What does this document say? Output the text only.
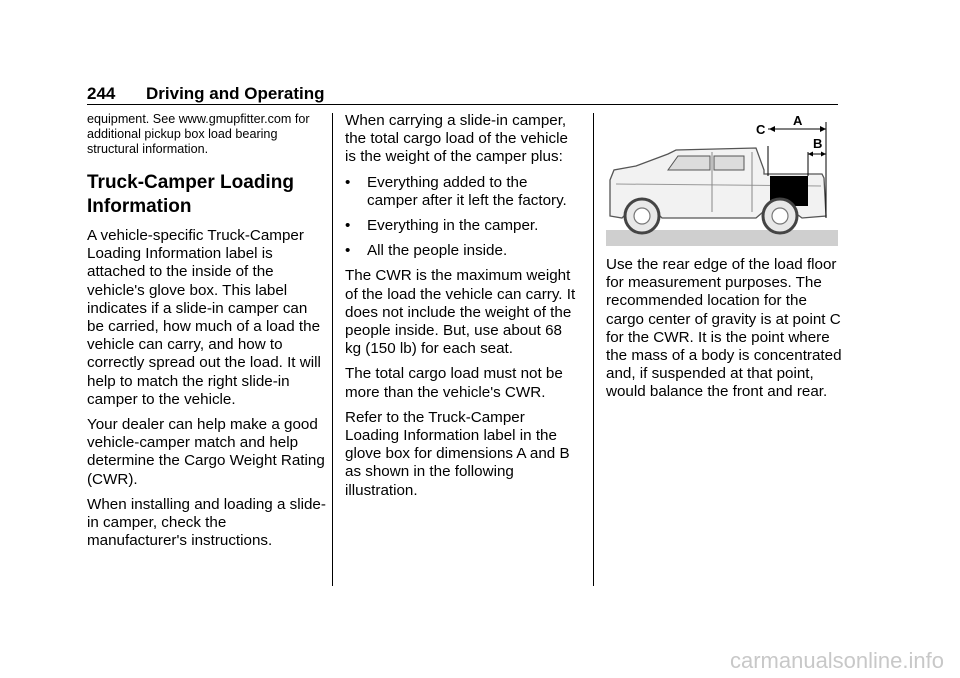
244 Driving and Operating

equipment. See www.gmupfitter.com for additional pickup box load bearing structural information.

Truck-Camper Loading Information

A vehicle-specific Truck-Camper Loading Information label is attached to the inside of the vehicle's glove box. This label indicates if a slide-in camper can be carried, how much of a load the vehicle can carry, and how to correctly spread out the load. It will help to match the right slide-in camper to the vehicle.

Your dealer can help make a good vehicle-camper match and help determine the Cargo Weight Rating (CWR).

When installing and loading a slide-in camper, check the manufacturer's instructions.

When carrying a slide-in camper, the total cargo load of the vehicle is the weight of the camper plus:

•	Everything added to the camper after it left the factory.
•	Everything in the camper.
•	All the people inside.

The CWR is the maximum weight of the load the vehicle can carry. It does not include the weight of the people inside. But, use about 68 kg (150 lb) for each seat.

The total cargo load must not be more than the vehicle's CWR.

Refer to the Truck-Camper Loading Information label in the glove box for dimensions A and B as shown in the following illustration.

C
A
B

Use the rear edge of the load floor for measurement purposes. The recommended location for the cargo center of gravity is at point C for the CWR. It is the point where the mass of a body is concentrated and, if suspended at that point, would balance the front and rear.

carmanualsonline.info
